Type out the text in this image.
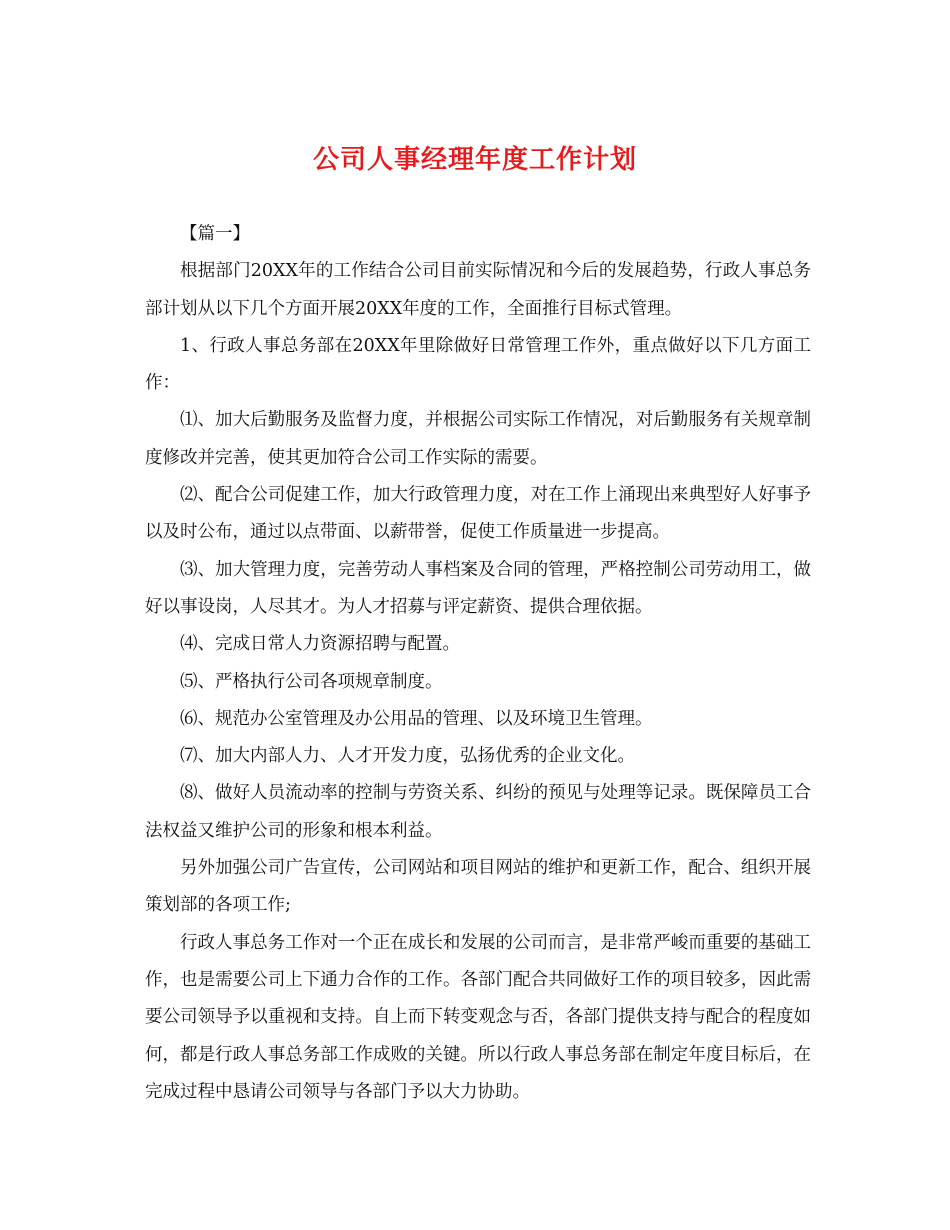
公司人事经理年度工作计划

【篇一】

根据部门20XX年的工作结合公司目前实际情况和今后的发展趋势，行政人事总务部计划从以下几个方面开展20XX年度的工作，全面推行目标式管理。

1、行政人事总务部在20XX年里除做好日常管理工作外，重点做好以下几方面工作：

⑴、加大后勤服务及监督力度，并根据公司实际工作情况，对后勤服务有关规章制度修改并完善，使其更加符合公司工作实际的需要。

⑵、配合公司促建工作，加大行政管理力度，对在工作上涌现出来典型好人好事予以及时公布，通过以点带面、以薪带誉，促使工作质量进一步提高。

⑶、加大管理力度，完善劳动人事档案及合同的管理，严格控制公司劳动用工，做好以事设岗，人尽其才。为人才招募与评定薪资、提供合理依据。

⑷、完成日常人力资源招聘与配置。

⑸、严格执行公司各项规章制度。

⑹、规范办公室管理及办公用品的管理、以及环境卫生管理。

⑺、加大内部人力、人才开发力度，弘扬优秀的企业文化。

⑻、做好人员流动率的控制与劳资关系、纠纷的预见与处理等记录。既保障员工合法权益又维护公司的形象和根本利益。

另外加强公司广告宣传，公司网站和项目网站的维护和更新工作，配合、组织开展策划部的各项工作;

行政人事总务工作对一个正在成长和发展的公司而言，是非常严峻而重要的基础工作，也是需要公司上下通力合作的工作。各部门配合共同做好工作的项目较多，因此需要公司领导予以重视和支持。自上而下转变观念与否，各部门提供支持与配合的程度如何，都是行政人事总务部工作成败的关键。所以行政人事总务部在制定年度目标后，在完成过程中恳请公司领导与各部门予以大力协助。
